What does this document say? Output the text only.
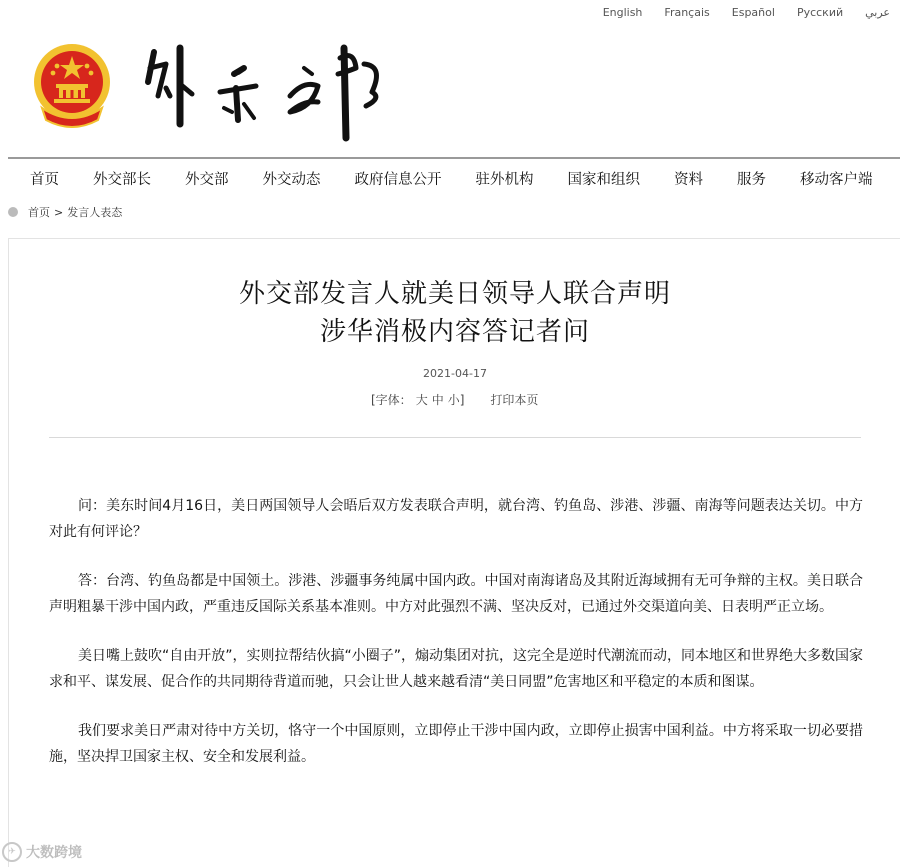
English Français Español Русский عربي
首页 外交部长 外交部 外交动态 政府信息公开 驻外机构 国家和组织 资料 服务 移动客户端
首页 > 发言人表态
外交部发言人就美日领导人联合声明
涉华消极内容答记者问
2021-04-17
[字体： 大 中 小] 打印本页

问：美东时间4月16日，美日两国领导人会晤后双方发表联合声明，就台湾、钓鱼岛、涉港、涉疆、南海等问题表达关切。中方对此有何评论？

答：台湾、钓鱼岛都是中国领土。涉港、涉疆事务纯属中国内政。中国对南海诸岛及其附近海域拥有无可争辩的主权。美日联合声明粗暴干涉中国内政，严重违反国际关系基本准则。中方对此强烈不满、坚决反对，已通过外交渠道向美、日表明严正立场。

美日嘴上鼓吹“自由开放”，实则拉帮结伙搞“小圈子”，煽动集团对抗，这完全是逆时代潮流而动，同本地区和世界绝大多数国家求和平、谋发展、促合作的共同期待背道而驰，只会让世人越来越看清“美日同盟”危害地区和平稳定的本质和图谋。

我们要求美日严肃对待中方关切，恪守一个中国原则，立即停止干涉中国内政，立即停止损害中国利益。中方将采取一切必要措施，坚决捍卫国家主权、安全和发展利益。

✈ 大数跨境
